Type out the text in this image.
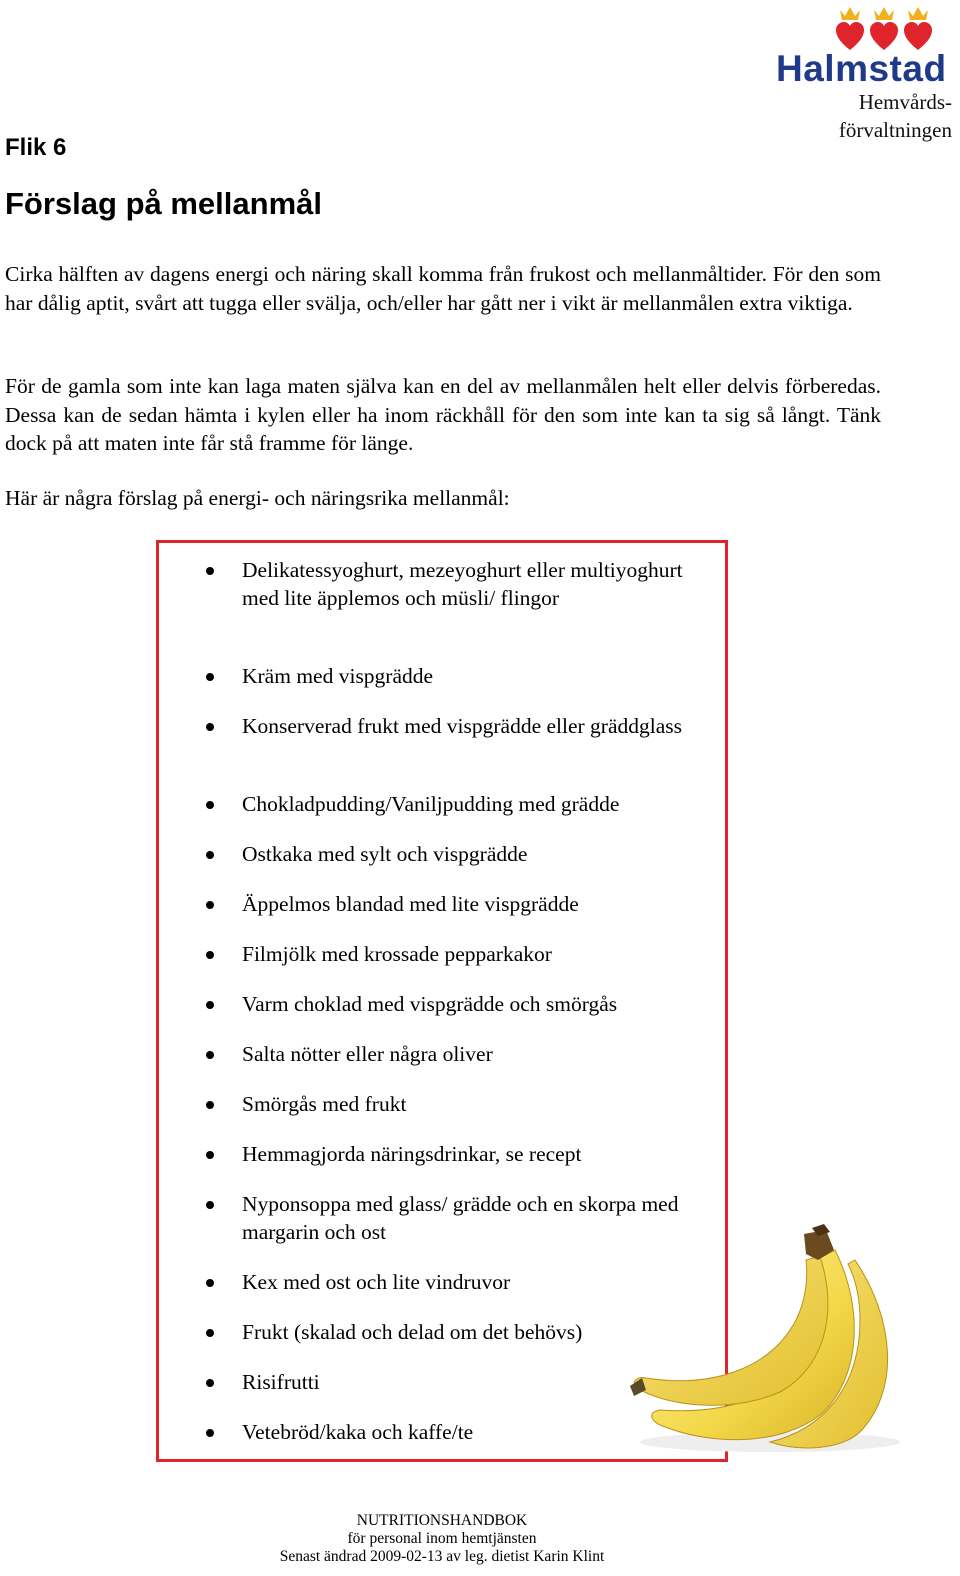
Halmstad
Hemvårds-
förvaltningen
Flik 6
Förslag på mellanmål

Cirka hälften av dagens energi och näring skall komma från frukost och mellanmåltider. För den som har dålig aptit, svårt att tugga eller svälja, och/eller har gått ner i vikt är mellanmålen extra viktiga.

För de gamla som inte kan laga maten själva kan en del av mellanmålen helt eller delvis förberedas. Dessa kan de sedan hämta i kylen eller ha inom räckhåll för den som inte kan ta sig så långt. Tänk dock på att maten inte får stå framme för länge.

Här är några förslag på energi- och näringsrika mellanmål:

Delikatessyoghurt, mezeyoghurt eller multiyoghurt med lite äpplemos och müsli/ flingor
Kräm med vispgrädde
Konserverad frukt med vispgrädde eller gräddglass
Chokladpudding/Vaniljpudding med grädde
Ostkaka med sylt och vispgrädde
Äppelmos blandad med lite vispgrädde
Filmjölk med krossade pepparkakor
Varm choklad med vispgrädde och smörgås
Salta nötter eller några oliver
Smörgås med frukt
Hemmagjorda näringsdrinkar, se recept
Nyponsoppa med glass/ grädde och en skorpa med margarin och ost
Kex med ost och lite vindruvor
Frukt (skalad och delad om det behövs)
Risifrutti
Vetebröd/kaka och kaffe/te
NUTRITIONSHANDBOK
för personal inom hemtjänsten
Senast ändrad 2009-02-13 av leg. dietist Karin Klint
